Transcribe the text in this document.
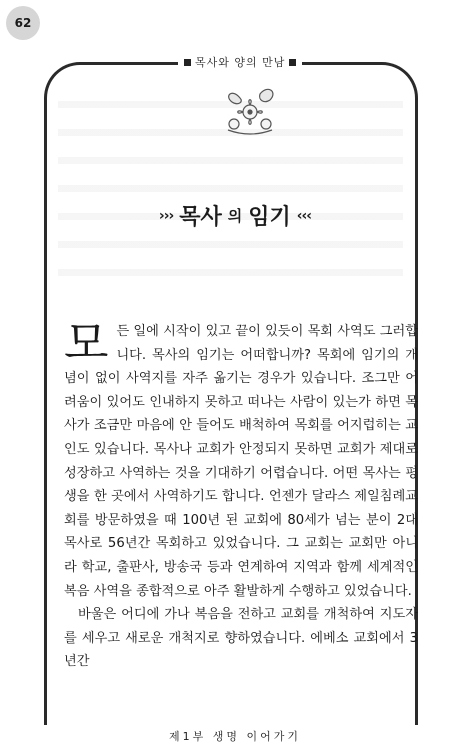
62
목사와 양의 만남
››› 목사 의 임기 ‹‹‹

모든 일에 시작이 있고 끝이 있듯이 목회 사역도 그러합니다. 목사의 임기는 어떠합니까? 목회에 임기의 개념이 없이 사역지를 자주 옮기는 경우가 있습니다. 조그만 어려움이 있어도 인내하지 못하고 떠나는 사람이 있는가 하면 목사가 조금만 마음에 안 들어도 배척하여 목회를 어지럽히는 교인도 있습니다. 목사나 교회가 안정되지 못하면 교회가 제대로 성장하고 사역하는 것을 기대하기 어렵습니다. 어떤 목사는 평생을 한 곳에서 사역하기도 합니다. 언젠가 달라스 제일침례교회를 방문하였을 때 100년 된 교회에 80세가 넘는 분이 2대 목사로 56년간 목회하고 있었습니다. 그 교회는 교회만 아니라 학교, 출판사, 방송국 등과 연계하여 지역과 함께 세계적인 복음 사역을 종합적으로 아주 활발하게 수행하고 있었습니다.

바울은 어디에 가나 복음을 전하고 교회를 개척하여 지도자를 세우고 새로운 개척지로 향하였습니다. 에베소 교회에서 3년간

제1부 생명 이어가기
